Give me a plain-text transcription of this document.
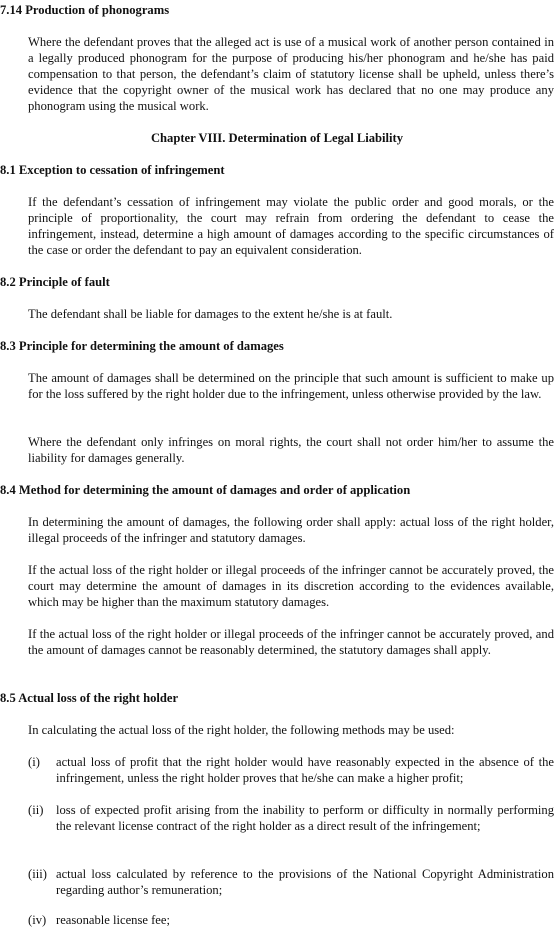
7.14 Production of phonograms
Where the defendant proves that the alleged act is use of a musical work of another person contained in a legally produced phonogram for the purpose of producing his/her phonogram and he/she has paid compensation to that person, the defendant’s claim of statutory license shall be upheld, unless there’s evidence that the copyright owner of the musical work has declared that no one may produce any phonogram using the musical work.
Chapter VIII. Determination of Legal Liability
8.1 Exception to cessation of infringement
If the defendant’s cessation of infringement may violate the public order and good morals, or the principle of proportionality, the court may refrain from ordering the defendant to cease the infringement, instead, determine a high amount of damages according to the specific circumstances of the case or order the defendant to pay an equivalent consideration.
8.2 Principle of fault
The defendant shall be liable for damages to the extent he/she is at fault.
8.3 Principle for determining the amount of damages
The amount of damages shall be determined on the principle that such amount is sufficient to make up for the loss suffered by the right holder due to the infringement, unless otherwise provided by the law.
Where the defendant only infringes on moral rights, the court shall not order him/her to assume the liability for damages generally.
8.4 Method for determining the amount of damages and order of application
In determining the amount of damages, the following order shall apply: actual loss of the right holder, illegal proceeds of the infringer and statutory damages.
If the actual loss of the right holder or illegal proceeds of the infringer cannot be accurately proved, the court may determine the amount of damages in its discretion according to the evidences available, which may be higher than the maximum statutory damages.
If the actual loss of the right holder or illegal proceeds of the infringer cannot be accurately proved, and the amount of damages cannot be reasonably determined, the statutory damages shall apply.
8.5 Actual loss of the right holder
In calculating the actual loss of the right holder, the following methods may be used:
(i) actual loss of profit that the right holder would have reasonably expected in the absence of the infringement, unless the right holder proves that he/she can make a higher profit;
(ii) loss of expected profit arising from the inability to perform or difficulty in normally performing the relevant license contract of the right holder as a direct result of the infringement;
(iii) actual loss calculated by reference to the provisions of the National Copyright Administration regarding author’s remuneration;
(iv) reasonable license fee;
